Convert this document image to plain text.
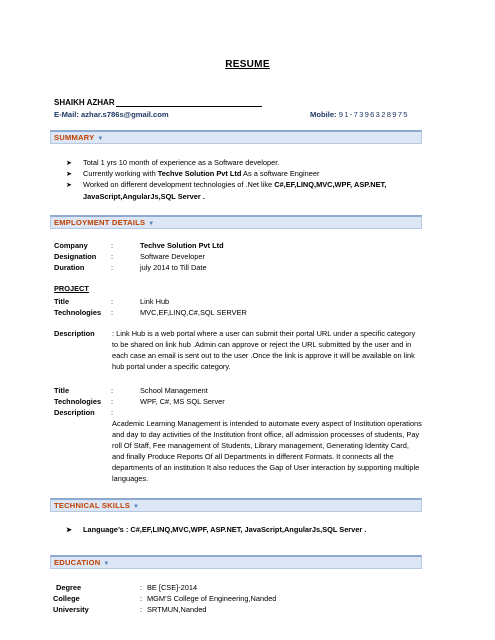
RESUME
SHAIKH AZHAR
E-Mail: azhar.s786s@gmail.com	Mobile: 91-7396328975
SUMMARY ▼
➤ Total 1 yrs 10 month of experience as a Software developer.
➤ Currently working with Techve Solution Pvt Ltd As a software Engineer
➤ Worked on different development technologies of .Net like C#,EF,LINQ,MVC,WPF, ASP.NET,
JavaScript,AngularJs,SQL Server .
EMPLOYMENT DETAILS ▼
Company	:	Techve Solution Pvt Ltd
Designation :	Software Developer
Duration	:	july 2014 to Till Date
PROJECT
Title	:	Link Hub
Technologies :	MVC,EF,LINQ,C#,SQL SERVER
Description : Link Hub is a web portal where a user can submit their portal URL under a specific category to be shared on link hub .Admin can approve or reject the URL submitted by the user and in each case an email is sent out to the user .Once the link is approve it will be available on link hub portal under a specific category.
Title	:	School Management
Technologies :	WPF, C#, MS SQL Server
Description :
Academic Learning Management is intended to automate every aspect of Institution operations and day to day activities of the Institution front office, all admission processes of students, Pay roll Of Staff, Fee management of Students, Library management, Generating Identity Card, and finally Produce Reports Of all Departments in different Formats. It connects all the departments of an institution It also reduces the Gap of User interaction by supporting multiple languages.
TECHNICAL SKILLS ▼
➤ Language’s : C#,EF,LINQ,MVC,WPF, ASP.NET, JavaScript,AngularJs,SQL Server .
EDUCATION ▼
Degree	: BE [CSE]-2014
College	: MGM’S College of Engineering,Nanded
University	: SRTMUN,Nanded
